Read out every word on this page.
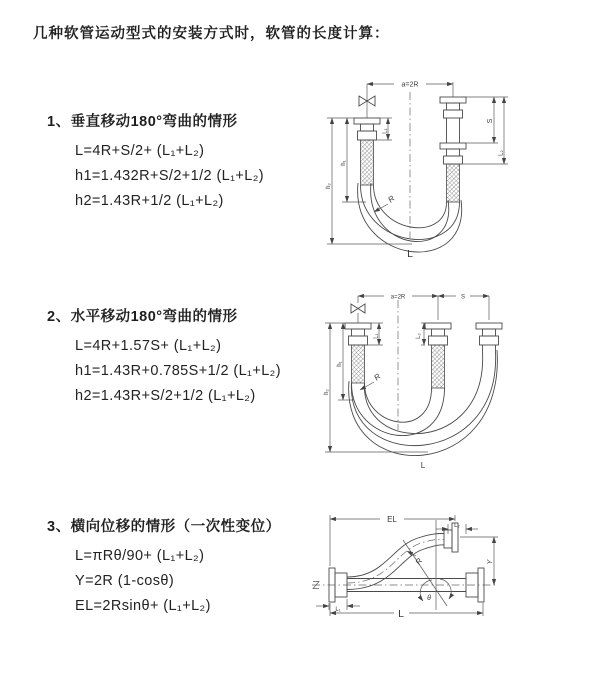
几种软管运动型式的安装方式时，软管的长度计算：
1、垂直移动180°弯曲的情形
L=4R+S/2+ (L₁+L₂)
h1=1.432R+S/2+1/2 (L₁+L₂)
h2=1.43R+1/2 (L₁+L₂)
2、水平移动180°弯曲的情形
L=4R+1.57S+ (L₁+L₂)
h1=1.43R+0.785S+1/2 (L₁+L₂)
h2=1.43R+S/2+1/2 (L₁+L₂)
3、横向位移的情形（一次性变位）
L=πRθ/90+ (L₁+L₂)
Y=2R (1-cosθ)
EL=2Rsinθ+ (L₁+L₂)
a=2R
S
L₂
L₁
h₁
h₂
R
L
a=2R	S
L₁	L₂
h₁
h₂
R
L
θ
R
EL
L₂
Y
L₁	L
